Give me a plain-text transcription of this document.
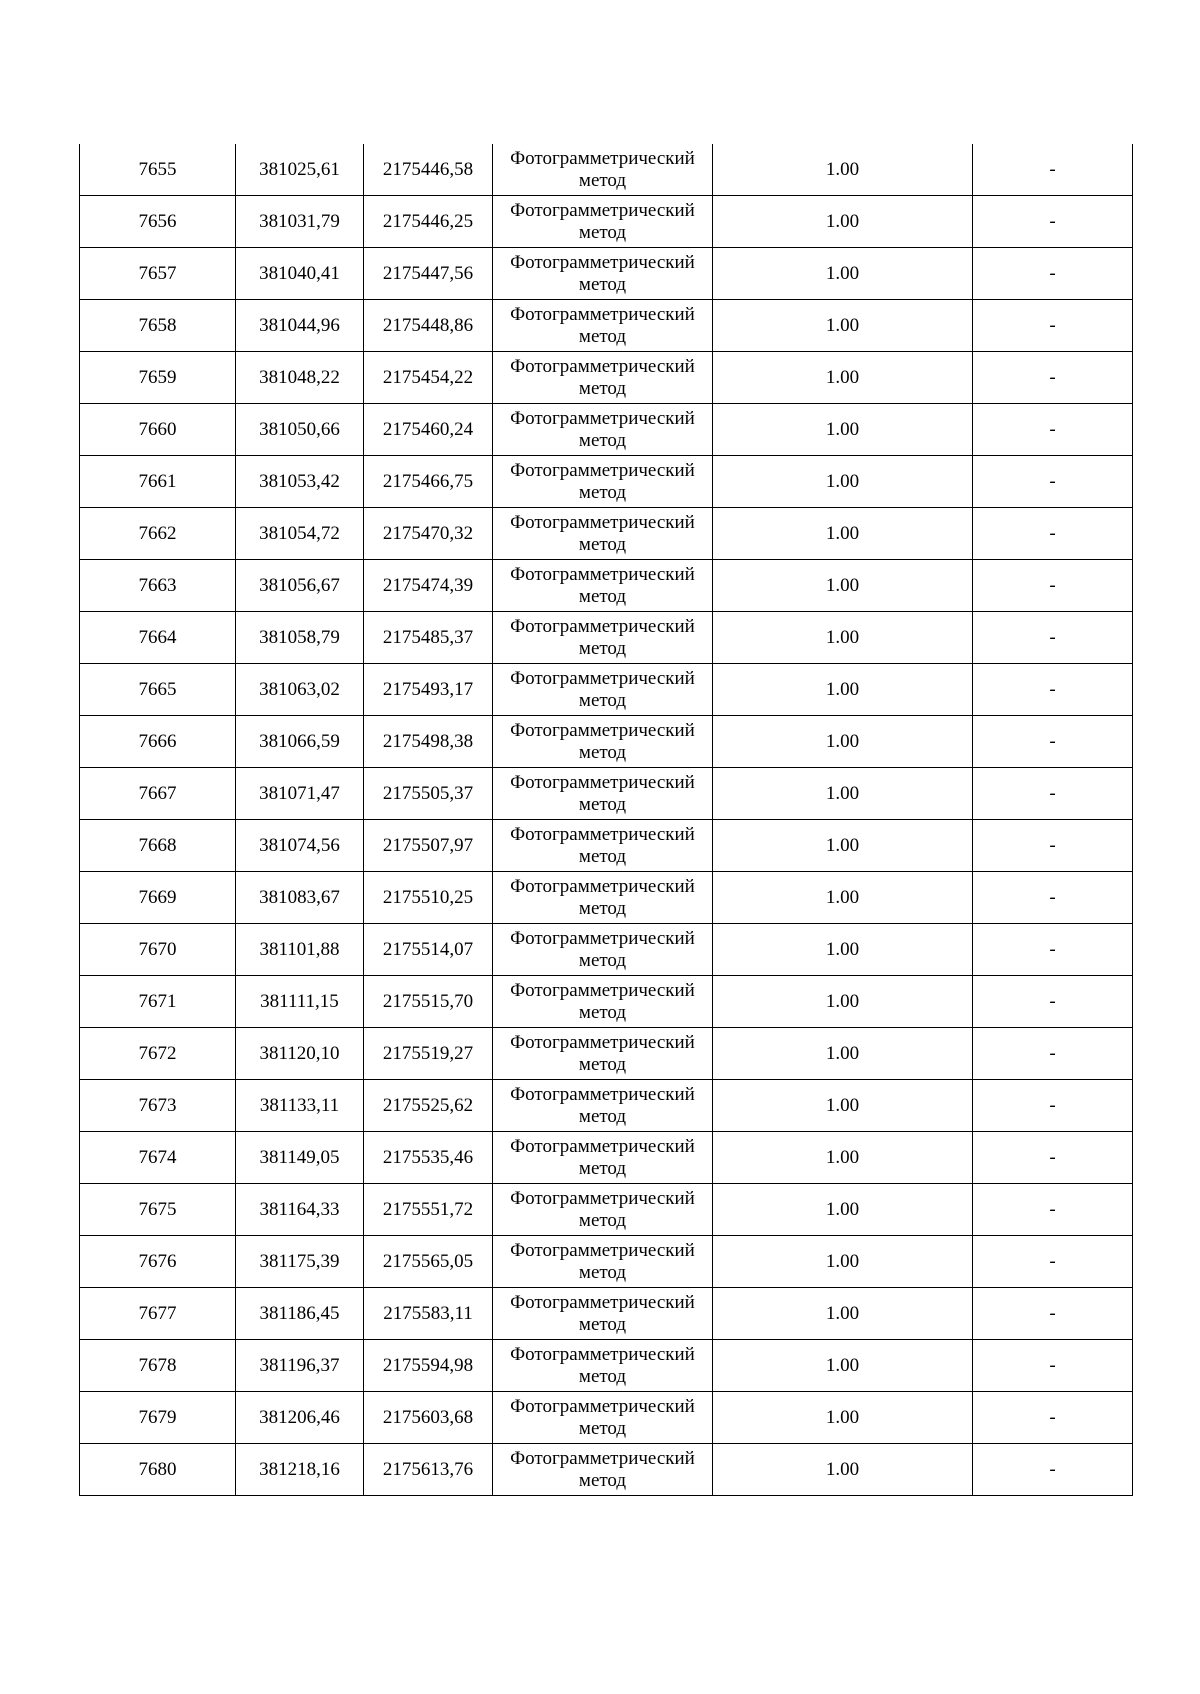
7655	381025,61	2175446,58	Фотограмметрический метод	1.00	-
7656	381031,79	2175446,25	Фотограмметрический метод	1.00	-
7657	381040,41	2175447,56	Фотограмметрический метод	1.00	-
7658	381044,96	2175448,86	Фотограмметрический метод	1.00	-
7659	381048,22	2175454,22	Фотограмметрический метод	1.00	-
7660	381050,66	2175460,24	Фотограмметрический метод	1.00	-
7661	381053,42	2175466,75	Фотограмметрический метод	1.00	-
7662	381054,72	2175470,32	Фотограмметрический метод	1.00	-
7663	381056,67	2175474,39	Фотограмметрический метод	1.00	-
7664	381058,79	2175485,37	Фотограмметрический метод	1.00	-
7665	381063,02	2175493,17	Фотограмметрический метод	1.00	-
7666	381066,59	2175498,38	Фотограмметрический метод	1.00	-
7667	381071,47	2175505,37	Фотограмметрический метод	1.00	-
7668	381074,56	2175507,97	Фотограмметрический метод	1.00	-
7669	381083,67	2175510,25	Фотограмметрический метод	1.00	-
7670	381101,88	2175514,07	Фотограмметрический метод	1.00	-
7671	381111,15	2175515,70	Фотограмметрический метод	1.00	-
7672	381120,10	2175519,27	Фотограмметрический метод	1.00	-
7673	381133,11	2175525,62	Фотограмметрический метод	1.00	-
7674	381149,05	2175535,46	Фотограмметрический метод	1.00	-
7675	381164,33	2175551,72	Фотограмметрический метод	1.00	-
7676	381175,39	2175565,05	Фотограмметрический метод	1.00	-
7677	381186,45	2175583,11	Фотограмметрический метод	1.00	-
7678	381196,37	2175594,98	Фотограмметрический метод	1.00	-
7679	381206,46	2175603,68	Фотограмметрический метод	1.00	-
7680	381218,16	2175613,76	Фотограмметрический метод	1.00	-
